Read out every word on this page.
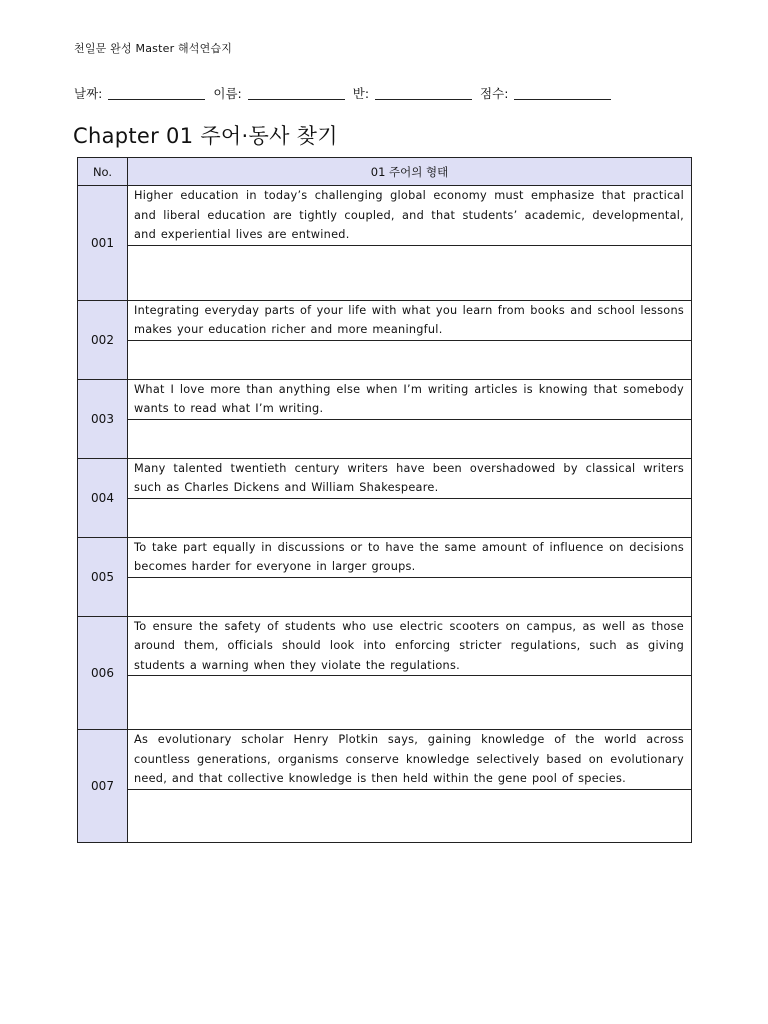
천일문 완성 Master 해석연습지
날짜:	이름:	반:	점수:
Chapter 01 주어·동사 찾기
No.	01 주어의 형태
001	Higher education in today’s challenging global economy must emphasize that practical and liberal education are tightly coupled, and that students’ academic, developmental, and experiential lives are entwined.

002	Integrating everyday parts of your life with what you learn from books and school lessons makes your education richer and more meaningful.

003	What I love more than anything else when I’m writing articles is knowing that somebody wants to read what I’m writing.

004	Many talented twentieth century writers have been overshadowed by classical writers such as Charles Dickens and William Shakespeare.

005	To take part equally in discussions or to have the same amount of influence on decisions becomes harder for everyone in larger groups.

006	To ensure the safety of students who use electric scooters on campus, as well as those around them, officials should look into enforcing stricter regulations, such as giving students a warning when they violate the regulations.

007	As evolutionary scholar Henry Plotkin says, gaining knowledge of the world across countless generations, organisms conserve knowledge selectively based on evolutionary need, and that collective knowledge is then held within the gene pool of species.
